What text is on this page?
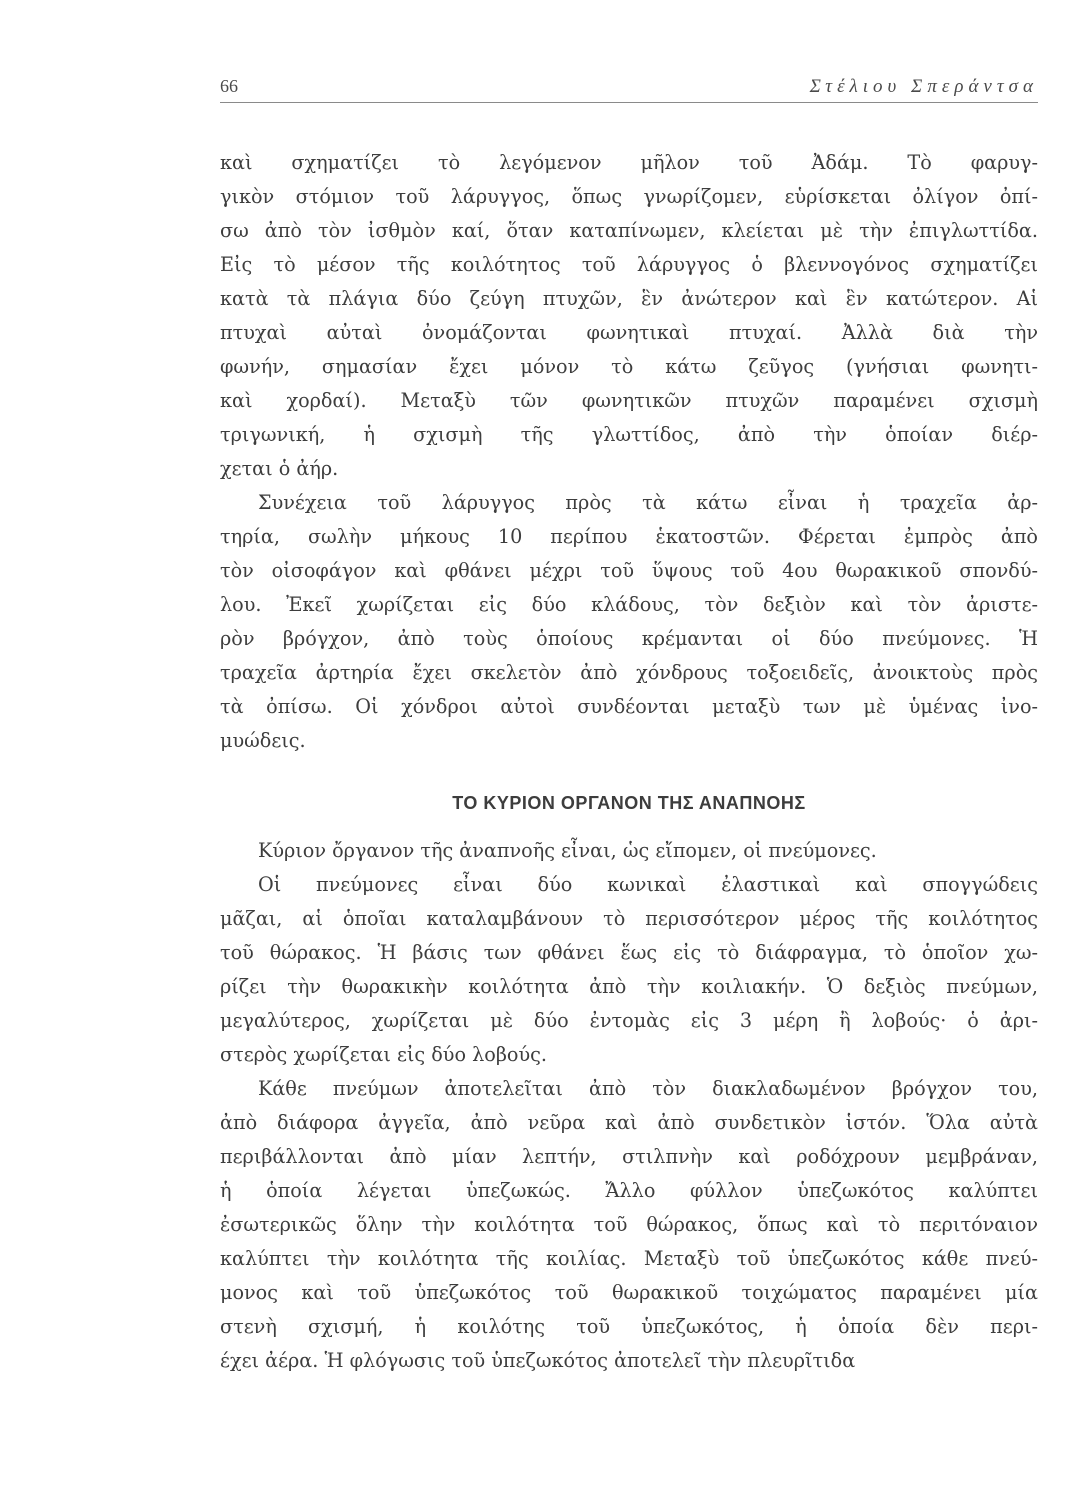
66	Στέλιου Σπεράντσα

καὶ σχηματίζει τὸ λεγόμενον μῆλον τοῦ Ἀδάμ. Τὸ φαρυγ-
γικὸν στόμιον τοῦ λάρυγγος, ὅπως γνωρίζομεν, εὑρίσκεται ὀλίγον ὀπί-
σω ἀπὸ τὸν ἰσθμὸν καί, ὅταν καταπίνωμεν, κλείεται μὲ τὴν ἐπιγλωττίδα.
Εἰς τὸ μέσον τῆς κοιλότητος τοῦ λάρυγγος ὁ βλεννογόνος σχηματίζει
κατὰ τὰ πλάγια δύο ζεύγη πτυχῶν, ἓν ἀνώτερον καὶ ἓν κατώτερον. Αἱ
πτυχαὶ αὐταὶ ὀνομάζονται φωνητικαὶ πτυχαί. Ἀλλὰ διὰ τὴν
φωνήν, σημασίαν ἔχει μόνον τὸ κάτω ζεῦγος (γνήσιαι φωνητι-
καὶ χορδαί). Μεταξὺ τῶν φωνητικῶν πτυχῶν παραμένει σχισμὴ
τριγωνική, ἡ σχισμὴ τῆς γλωττίδος, ἀπὸ τὴν ὁποίαν διέρ-
χεται ὁ ἀήρ.

Συνέχεια τοῦ λάρυγγος πρὸς τὰ κάτω εἶναι ἡ τραχεῖα ἀρ-
τηρία, σωλὴν μήκους 10 περίπου ἑκατοστῶν. Φέρεται ἐμπρὸς ἀπὸ
τὸν οἰσοφάγον καὶ φθάνει μέχρι τοῦ ὕψους τοῦ 4ου θωρακικοῦ σπονδύ-
λου. Ἐκεῖ χωρίζεται εἰς δύο κλάδους, τὸν δεξιὸν καὶ τὸν ἀριστε-
ρὸν βρόγχον, ἀπὸ τοὺς ὁποίους κρέμανται οἱ δύο πνεύμονες. Ἡ
τραχεῖα ἀρτηρία ἔχει σκελετὸν ἀπὸ χόνδρους τοξοειδεῖς, ἀνοικτοὺς πρὸς
τὰ ὀπίσω. Οἱ χόνδροι αὐτοὶ συνδέονται μεταξὺ των μὲ ὑμένας ἰνο-
μυώδεις.

ΤΟ ΚΥΡΙΟΝ ΟΡΓΑΝΟΝ ΤΗΣ ΑΝΑΠΝΟΗΣ

Κύριον ὄργανον τῆς ἀναπνοῆς εἶναι, ὡς εἴπομεν, οἱ πνεύμονες.

Οἱ πνεύμονες εἶναι δύο κωνικαὶ ἐλαστικαὶ καὶ σπογγώδεις
μᾶζαι, αἱ ὁποῖαι καταλαμβάνουν τὸ περισσότερον μέρος τῆς κοιλότητος
τοῦ θώρακος. Ἡ βάσις των φθάνει ἕως εἰς τὸ διάφραγμα, τὸ ὁποῖον χω-
ρίζει τὴν θωρακικὴν κοιλότητα ἀπὸ τὴν κοιλιακήν. Ὁ δεξιὸς πνεύμων,
μεγαλύτερος, χωρίζεται μὲ δύο ἐντομὰς εἰς 3 μέρη ἢ λοβούς· ὁ ἀρι-
στερὸς χωρίζεται εἰς δύο λοβούς.

Κάθε πνεύμων ἀποτελεῖται ἀπὸ τὸν διακλαδωμένον βρόγχον του,
ἀπὸ διάφορα ἀγγεῖα, ἀπὸ νεῦρα καὶ ἀπὸ συνδετικὸν ἱστόν. Ὅλα αὐτὰ
περιβάλλονται ἀπὸ μίαν λεπτήν, στιλπνὴν καὶ ροδόχρουν μεμβράναν,
ἡ ὁποία λέγεται ὑπεζωκώς. Ἄλλο φύλλον ὑπεζωκότος καλύπτει
ἐσωτερικῶς ὅλην τὴν κοιλότητα τοῦ θώρακος, ὅπως καὶ τὸ περιτόναιον
καλύπτει τὴν κοιλότητα τῆς κοιλίας. Μεταξὺ τοῦ ὑπεζωκότος κάθε πνεύ-
μονος καὶ τοῦ ὑπεζωκότος τοῦ θωρακικοῦ τοιχώματος παραμένει μία
στενὴ σχισμή, ἡ κοιλότης τοῦ ὑπεζωκότος, ἡ ὁποία δὲν περι-
έχει ἀέρα. Ἡ φλόγωσις τοῦ ὑπεζωκότος ἀποτελεῖ τὴν πλευρῖτιδα
